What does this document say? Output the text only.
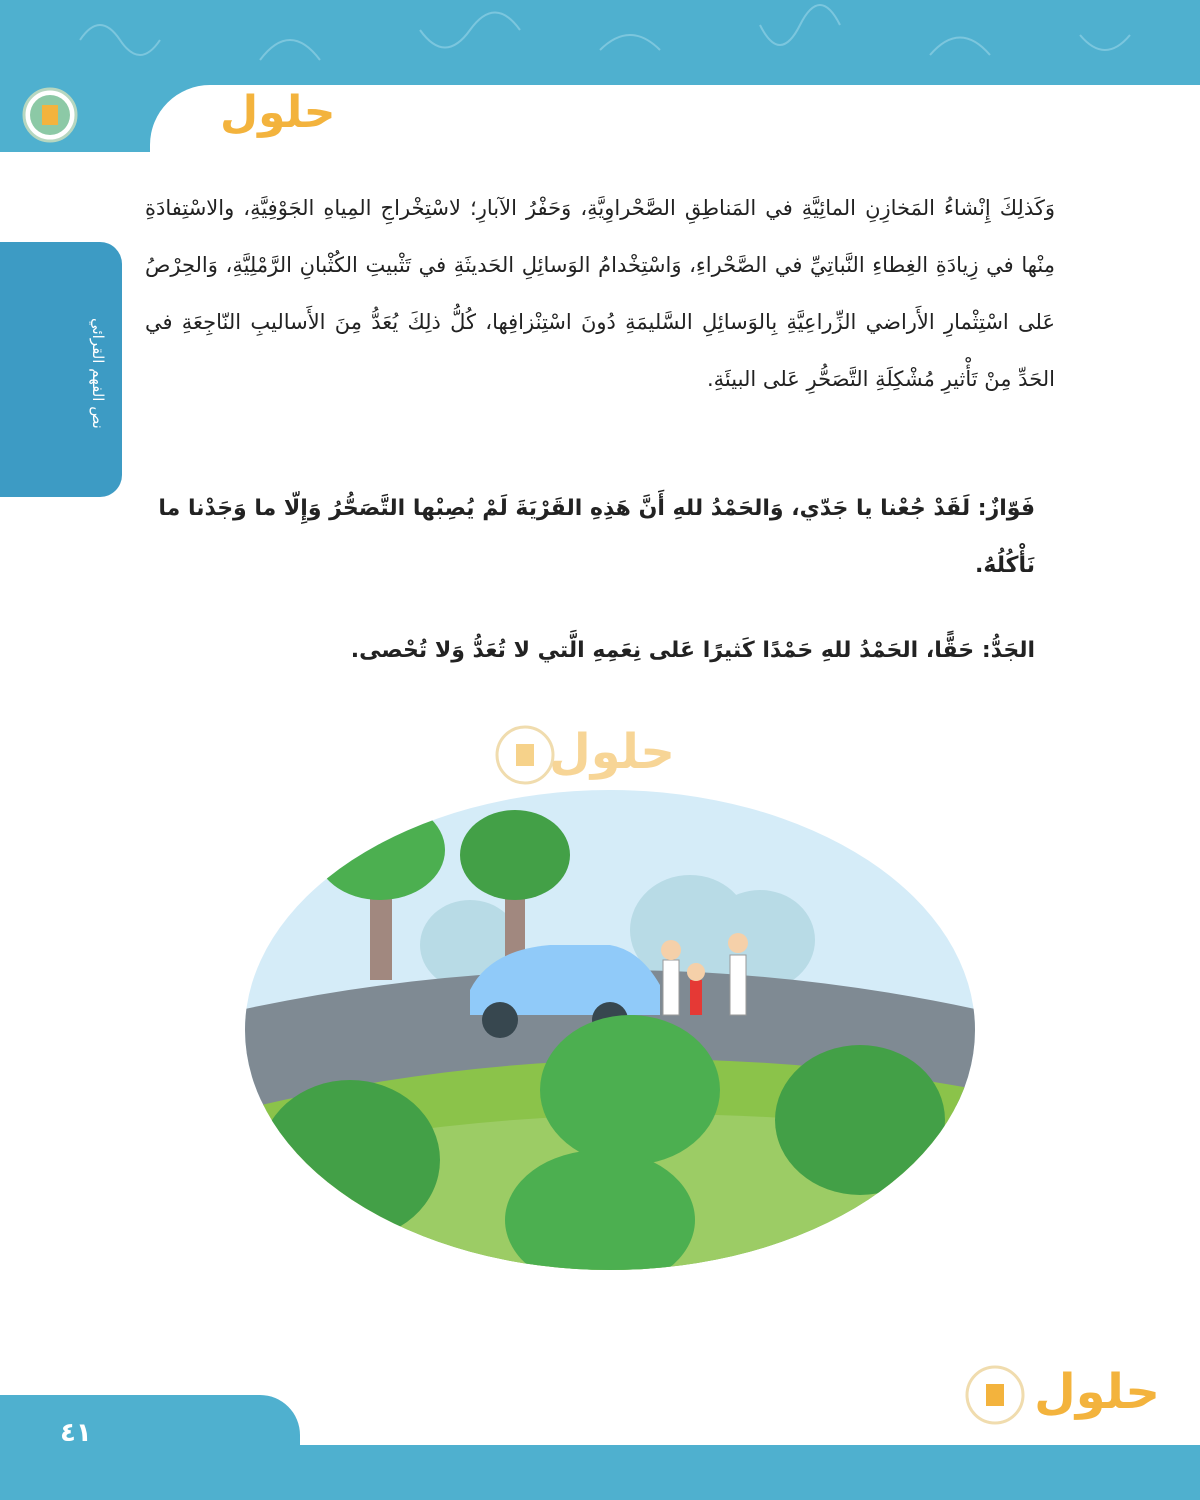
حلول
نص الفهم القرائي

وَكَذلِكَ إِنْشاءُ المَخازِنِ المائِيَّةِ في المَناطِقِ الصَّحْراوِيَّةِ، وَحَفْرُ الآبارِ؛ لاسْتِخْراجِ المِياهِ الجَوْفِيَّةِ، والاسْتِفادَةِ مِنْها في زِيادَةِ الغِطاءِ النَّباتِيِّ في الصَّحْراءِ، وَاسْتِخْدامُ الوَسائِلِ الحَديثَةِ في تَثْبيتِ الكُثْبانِ الرَّمْلِيَّةِ، وَالحِرْصُ عَلى اسْتِثْمارِ الأَراضي الزِّراعِيَّةِ بِالوَسائِلِ السَّليمَةِ دُونَ اسْتِنْزافِها، كُلُّ ذلِكَ يُعَدُّ مِنَ الأَساليبِ النّاجِعَةِ في الحَدِّ مِنْ تَأْثيرِ مُشْكِلَةِ التَّصَحُّرِ عَلى البيئَةِ.

فَوّازٌ: لَقَدْ جُعْنا يا جَدّي، وَالحَمْدُ للهِ أَنَّ هَذِهِ القَرْيَةَ لَمْ يُصِبْها التَّصَحُّرُ وَإِلّا ما وَجَدْنا ما نَأْكُلُهُ.

الجَدُّ: حَقًّا، الحَمْدُ للهِ حَمْدًا كَثيرًا عَلى نِعَمِهِ الَّتي لا تُعَدُّ وَلا تُحْصى.

حلول
حلول
٤١
